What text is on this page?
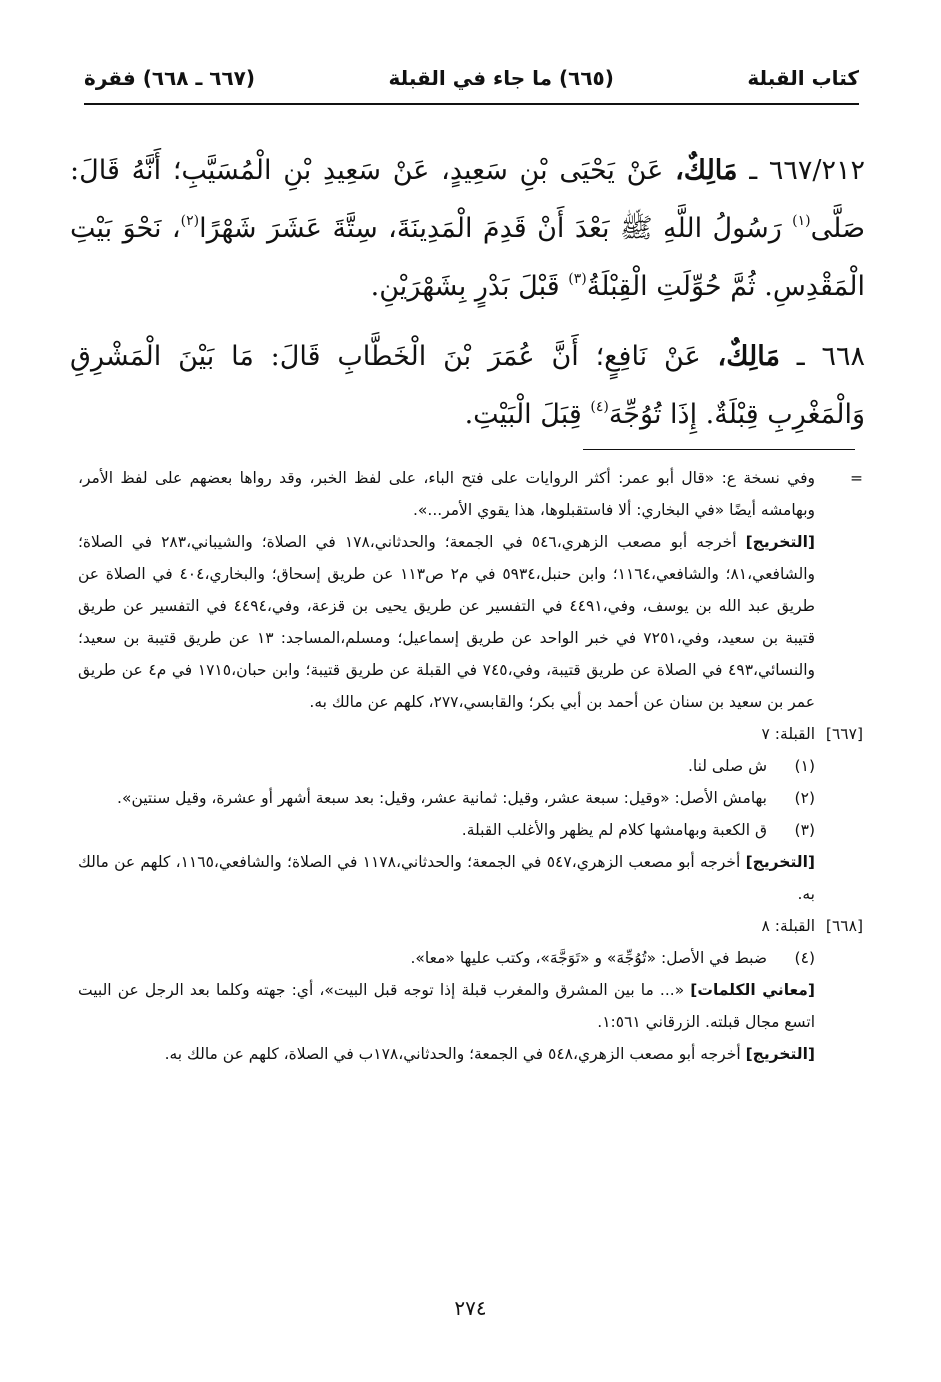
كتاب القبلة
(٦٦٥) ما جاء في القبلة
(٦٦٧ ـ ٦٦٨) فقرة

٦٦٧/٢١٢ ـ مَالِكٌ، عَنْ يَحْيَى بْنِ سَعِيدٍ، عَنْ سَعِيدِ بْنِ الْمُسَيَّبِ؛ أَنَّهُ قَالَ: صَلَّى$^{(١)}$ رَسُولُ اللَّهِ ﷺ بَعْدَ أَنْ قَدِمَ الْمَدِينَةَ، سِتَّةَ عَشَرَ شَهْرًا$^{(٢)}$، نَحْوَ بَيْتِ الْمَقْدِسِ. ثُمَّ حُوِّلَتِ الْقِبْلَةُ$^{(٣)}$ قَبْلَ بَدْرٍ بِشَهْرَيْنِ.

٦٦٨ ـ مَالِكٌ، عَنْ نَافِعٍ؛ أَنَّ عُمَرَ بْنَ الْخَطَّابِ قَالَ: مَا بَيْنَ الْمَشْرِقِ وَالْمَغْرِبِ قِبْلَةٌ. إِذَا تُوُجِّهَ$^{(٤)}$ قِبَلَ الْبَيْتِ.

=
وفي نسخة ع: «قال أبو عمر: أكثر الروايات على فتح الباء، على لفظ الخبر، وقد رواها بعضهم على لفظ الأمر، وبهامشه أيضًا «في البخاري: ألا فاستقبلوها، هذا يقوي الأمر...».
[التخريج] أخرجه أبو مصعب الزهري،٥٤٦ في الجمعة؛ والحدثاني،١٧٨ في الصلاة؛ والشيباني،٢٨٣ في الصلاة؛ والشافعي،٨١؛ والشافعي،١١٦٤؛ وابن حنبل،٥٩٣٤ في م٢ ص١١٣ عن طريق إسحاق؛ والبخاري،٤٠٤ في الصلاة عن طريق عبد الله بن يوسف، وفي،٤٤٩١ في التفسير عن طريق يحيى بن قزعة، وفي،٤٤٩٤ في التفسير عن طريق قتيبة بن سعيد، وفي،٧٢٥١ في خبر الواحد عن طريق إسماعيل؛ ومسلم،المساجد: ١٣ عن طريق قتيبة بن سعيد؛ والنسائي،٤٩٣ في الصلاة عن طريق قتيبة، وفي،٧٤٥ في القبلة عن طريق قتيبة؛ وابن حبان،١٧١٥ في م٤ عن طريق عمر بن سعيد بن سنان عن أحمد بن أبي بكر؛ والقابسي،٢٧٧، كلهم عن مالك به.
[٦٦٧]
القبلة: ٧
(١)
ش صلى لنا.
(٢)
بهامش الأصل: «وقيل: سبعة عشر، وقيل: ثمانية عشر، وقيل: بعد سبعة أشهر أو عشرة، وقيل سنتين».
(٣)
ق الكعبة وبهامشها كلام لم يظهر والأغلب القبلة.
[التخريج] أخرجه أبو مصعب الزهري،٥٤٧ في الجمعة؛ والحدثاني،١١٧٨ في الصلاة؛ والشافعي،١١٦٥، كلهم عن مالك به.
[٦٦٨]
القبلة: ٨
(٤)
ضبط في الأصل: «تُوُجِّهَ» و «تَوَجَّهَ»، وكتب عليها «معا».
[معاني الكلمات] «... ما بين المشرق والمغرب قبلة إذا توجه قبل البيت»، أي: جهته وكلما بعد الرجل عن البيت اتسع مجال قبلته. الزرقاني ١:٥٦١.
[التخريج] أخرجه أبو مصعب الزهري،٥٤٨ في الجمعة؛ والحدثاني،١٧٨ب في الصلاة، كلهم عن مالك به.
٢٧٤
